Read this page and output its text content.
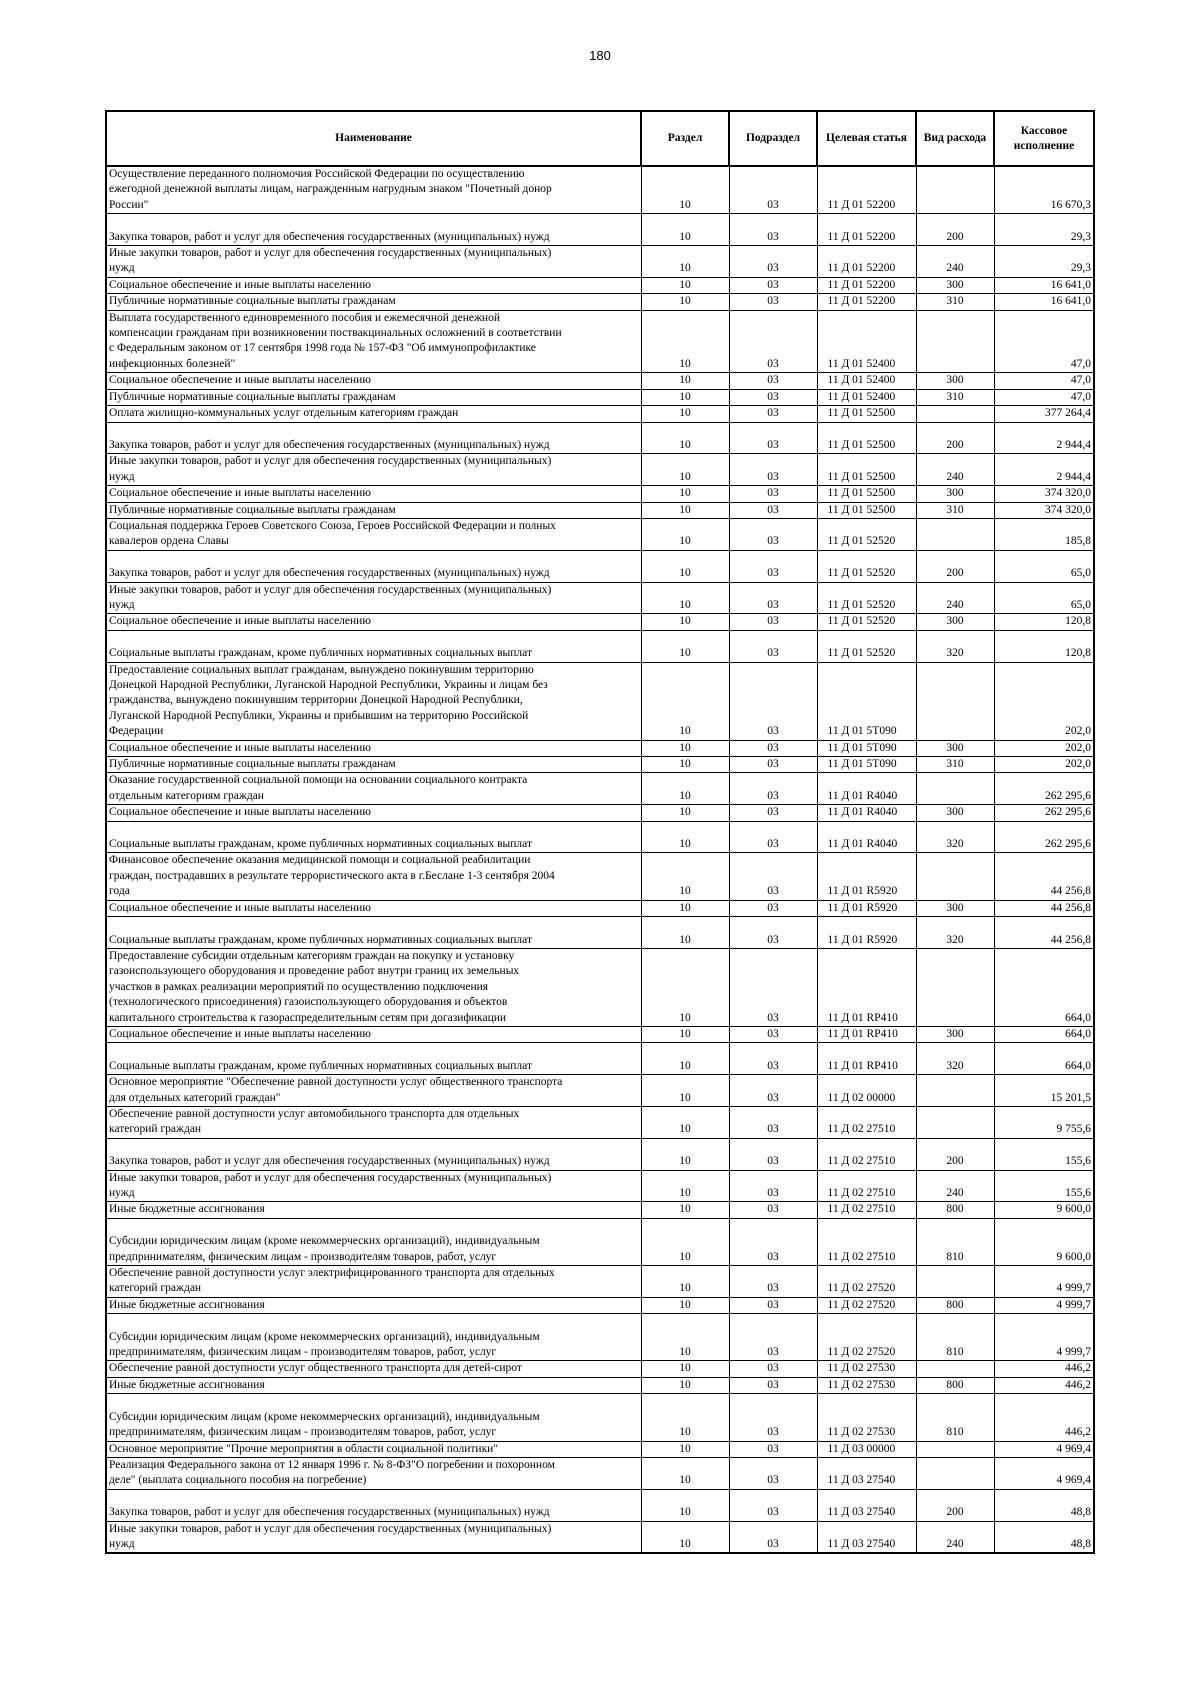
180
Наименование	Раздел	Подраздел	Целевая статья	Вид расхода	Кассовое исполнение

Осуществление переданного полномочия Российской Федерации по осуществлению
ежегодной денежной выплаты лицам, награжденным нагрудным знаком "Почетный донор
России"	10	03	11 Д 01 52200		16 670,3

Закупка товаров, работ и услуг для обеспечения государственных (муниципальных) нужд	10	03	11 Д 01 52200	200	29,3

Иные закупки товаров, работ и услуг для обеспечения государственных (муниципальных)
нужд	10	03	11 Д 01 52200	240	29,3

Социальное обеспечение и иные выплаты населению	10	03	11 Д 01 52200	300	16 641,0

Публичные нормативные социальные выплаты гражданам	10	03	11 Д 01 52200	310	16 641,0

Выплата государственного единовременного пособия и ежемесячной денежной
компенсации гражданам при возникновении поствакцинальных осложнений в соответствии
с Федеральным законом от 17 сентября 1998 года № 157-ФЗ "Об иммунопрофилактике
инфекционных болезней"	10	03	11 Д 01 52400		47,0

Социальное обеспечение и иные выплаты населению	10	03	11 Д 01 52400	300	47,0

Публичные нормативные социальные выплаты гражданам	10	03	11 Д 01 52400	310	47,0

Оплата жилищно-коммунальных услуг отдельным категориям граждан	10	03	11 Д 01 52500		377 264,4

Закупка товаров, работ и услуг для обеспечения государственных (муниципальных) нужд	10	03	11 Д 01 52500	200	2 944,4

Иные закупки товаров, работ и услуг для обеспечения государственных (муниципальных)
нужд	10	03	11 Д 01 52500	240	2 944,4

Социальное обеспечение и иные выплаты населению	10	03	11 Д 01 52500	300	374 320,0

Публичные нормативные социальные выплаты гражданам	10	03	11 Д 01 52500	310	374 320,0

Социальная поддержка Героев Советского Союза, Героев Российской Федерации и полных
кавалеров ордена Славы	10	03	11 Д 01 52520		185,8

Закупка товаров, работ и услуг для обеспечения государственных (муниципальных) нужд	10	03	11 Д 01 52520	200	65,0

Иные закупки товаров, работ и услуг для обеспечения государственных (муниципальных)
нужд	10	03	11 Д 01 52520	240	65,0

Социальное обеспечение и иные выплаты населению	10	03	11 Д 01 52520	300	120,8

Социальные выплаты гражданам, кроме публичных нормативных социальных выплат	10	03	11 Д 01 52520	320	120,8

Предоставление социальных выплат гражданам, вынуждено покинувшим территорию
Донецкой Народной Республики, Луганской Народной Республики, Украины и лицам без
гражданства, вынуждено покинувшим территории Донецкой Народной Республики,
Луганской Народной Республики, Украины и прибывшим на территорию Российской
Федерации	10	03	11 Д 01 5Т090		202,0

Социальное обеспечение и иные выплаты населению	10	03	11 Д 01 5Т090	300	202,0

Публичные нормативные социальные выплаты гражданам	10	03	11 Д 01 5Т090	310	202,0

Оказание государственной социальной помощи на основании социального контракта
отдельным категориям граждан	10	03	11 Д 01 R4040		262 295,6

Социальное обеспечение и иные выплаты населению	10	03	11 Д 01 R4040	300	262 295,6

Социальные выплаты гражданам, кроме публичных нормативных социальных выплат	10	03	11 Д 01 R4040	320	262 295,6

Финансовое обеспечение оказания медицинской помощи и социальной реабилитации
граждан, пострадавших в результате террористического акта в г.Беслане 1-3 сентября 2004
года	10	03	11 Д 01 R5920		44 256,8

Социальное обеспечение и иные выплаты населению	10	03	11 Д 01 R5920	300	44 256,8

Социальные выплаты гражданам, кроме публичных нормативных социальных выплат	10	03	11 Д 01 R5920	320	44 256,8

Предоставление субсидии отдельным категориям граждан на покупку и установку
газоиспользующего оборудования и проведение работ внутри границ их земельных
участков в рамках реализации мероприятий по осуществлению подключения
(технологического присоединения) газоиспользующего оборудования и объектов
капитального строительства к газораспределительным сетям при догазификации	10	03	11 Д 01 RP410		664,0

Социальное обеспечение и иные выплаты населению	10	03	11 Д 01 RP410	300	664,0

Социальные выплаты гражданам, кроме публичных нормативных социальных выплат	10	03	11 Д 01 RP410	320	664,0

Основное мероприятие "Обеспечение равной доступности услуг общественного транспорта
для отдельных категорий граждан"	10	03	11 Д 02 00000		15 201,5

Обеспечение равной доступности услуг автомобильного транспорта для отдельных
категорий граждан	10	03	11 Д 02 27510		9 755,6

Закупка товаров, работ и услуг для обеспечения государственных (муниципальных) нужд	10	03	11 Д 02 27510	200	155,6

Иные закупки товаров, работ и услуг для обеспечения государственных (муниципальных)
нужд	10	03	11 Д 02 27510	240	155,6

Иные бюджетные ассигнования	10	03	11 Д 02 27510	800	9 600,0

Субсидии юридическим лицам (кроме некоммерческих организаций), индивидуальным
предпринимателям, физическим лицам - производителям товаров, работ, услуг	10	03	11 Д 02 27510	810	9 600,0

Обеспечение равной доступности услуг электрифицированного транспорта для отдельных
категорий граждан	10	03	11 Д 02 27520		4 999,7

Иные бюджетные ассигнования	10	03	11 Д 02 27520	800	4 999,7

Субсидии юридическим лицам (кроме некоммерческих организаций), индивидуальным
предпринимателям, физическим лицам - производителям товаров, работ, услуг	10	03	11 Д 02 27520	810	4 999,7

Обеспечение равной доступности услуг общественного транспорта для детей-сирот	10	03	11 Д 02 27530		446,2

Иные бюджетные ассигнования	10	03	11 Д 02 27530	800	446,2

Субсидии юридическим лицам (кроме некоммерческих организаций), индивидуальным
предпринимателям, физическим лицам - производителям товаров, работ, услуг	10	03	11 Д 02 27530	810	446,2

Основное мероприятие "Прочие мероприятия в области социальной политики"	10	03	11 Д 03 00000		4 969,4

Реализация Федерального закона от 12 января 1996 г. № 8-ФЗ"О погребении и похоронном
деле" (выплата социального пособия на погребение)	10	03	11 Д 03 27540		4 969,4

Закупка товаров, работ и услуг для обеспечения государственных (муниципальных) нужд	10	03	11 Д 03 27540	200	48,8

Иные закупки товаров, работ и услуг для обеспечения государственных (муниципальных)
нужд	10	03	11 Д 03 27540	240	48,8
